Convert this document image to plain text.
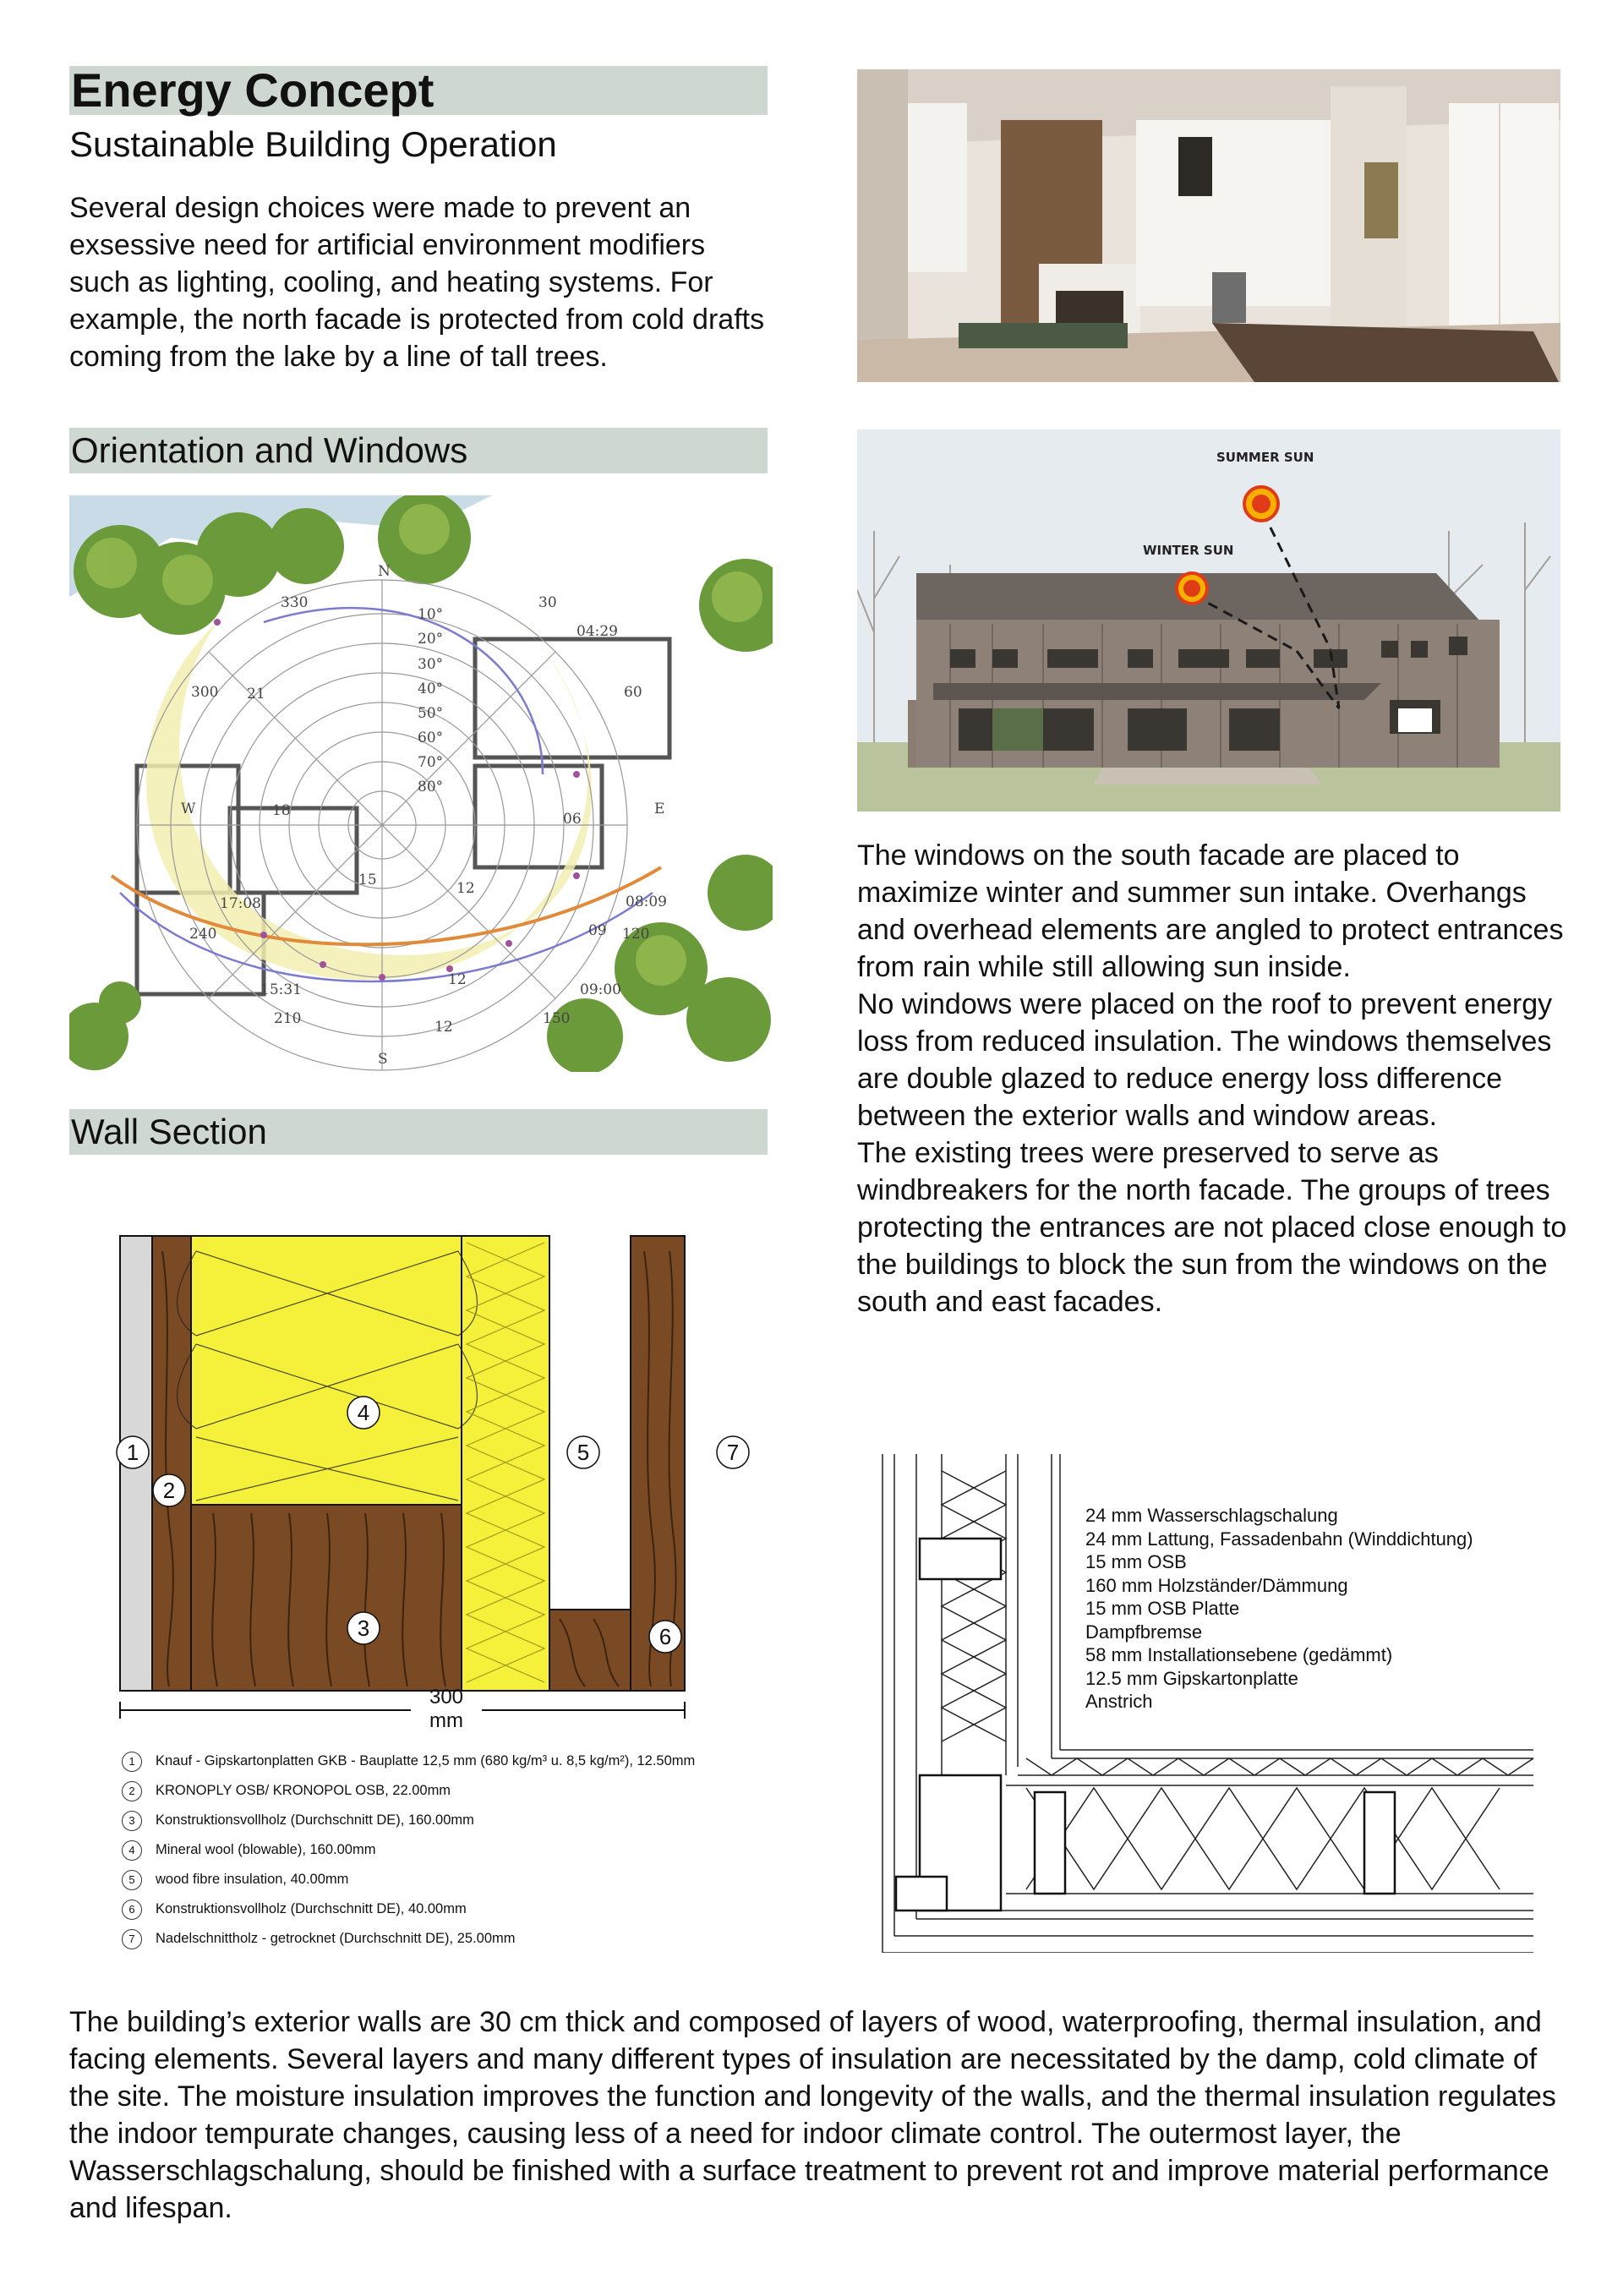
Energy Concept
Sustainable Building Operation
Several design choices were made to prevent an exsessive need for artificial environment modifiers such as lighting, cooling, and heating systems. For example, the north facade is protected from cold drafts coming from the lake by a line of tall trees.
Orientation and Windows
N
S
E
W
10°
20°
30°
40°
50°
60°
70°
80°
330	30
300	60
240	120
210	150
04:29
21
18	06
15	12
17:08	08:09
09
15:31
12
09:00
12
SUMMER SUN
WINTER SUN
The windows on the south facade are placed to maximize winter and summer sun intake. Overhangs and overhead elements are angled to protect entrances from rain while still allowing sun inside.
No windows were placed on the roof to prevent energy loss from reduced insulation. The windows themselves are double glazed to reduce energy loss difference between the exterior walls and window areas.
The existing trees were preserved to serve as windbreakers for the north facade. The groups of trees protecting the entrances are not placed close enough to the buildings to block the sun from the windows on the south and east facades.
Wall Section
1
2
3
4
5
6
7
300
mm
1	Knauf - Gipskartonplatten GKB - Bauplatte 12,5 mm (680 kg/m³ u. 8,5 kg/m²), 12.50mm
2	KRONOPLY OSB/ KRONOPOL OSB, 22.00mm
3	Konstruktionsvollholz (Durchschnitt DE), 160.00mm
4	Mineral wool (blowable), 160.00mm
5	wood fibre insulation, 40.00mm
6	Konstruktionsvollholz (Durchschnitt DE), 40.00mm
7	Nadelschnittholz - getrocknet (Durchschnitt DE), 25.00mm
24 mm Wasserschlagschalung
24 mm Lattung, Fassadenbahn (Winddichtung)
15 mm OSB
160 mm Holzständer/Dämmung
15 mm OSB Platte
Dampfbremse
58 mm Installationsebene (gedämmt)
12.5 mm Gipskartonplatte
Anstrich
The building’s exterior walls are 30 cm thick and composed of layers of wood, waterproofing, thermal insulation, and facing elements. Several layers and many different types of insulation are necessitated by the damp, cold climate of the site. The moisture insulation improves the function and longevity of the walls, and the thermal insulation regulates the indoor tempurate changes, causing less of a need for indoor climate control. The outermost layer, the Wasserschlagschalung, should be finished with a surface treatment to prevent rot and improve material performance and lifespan.
